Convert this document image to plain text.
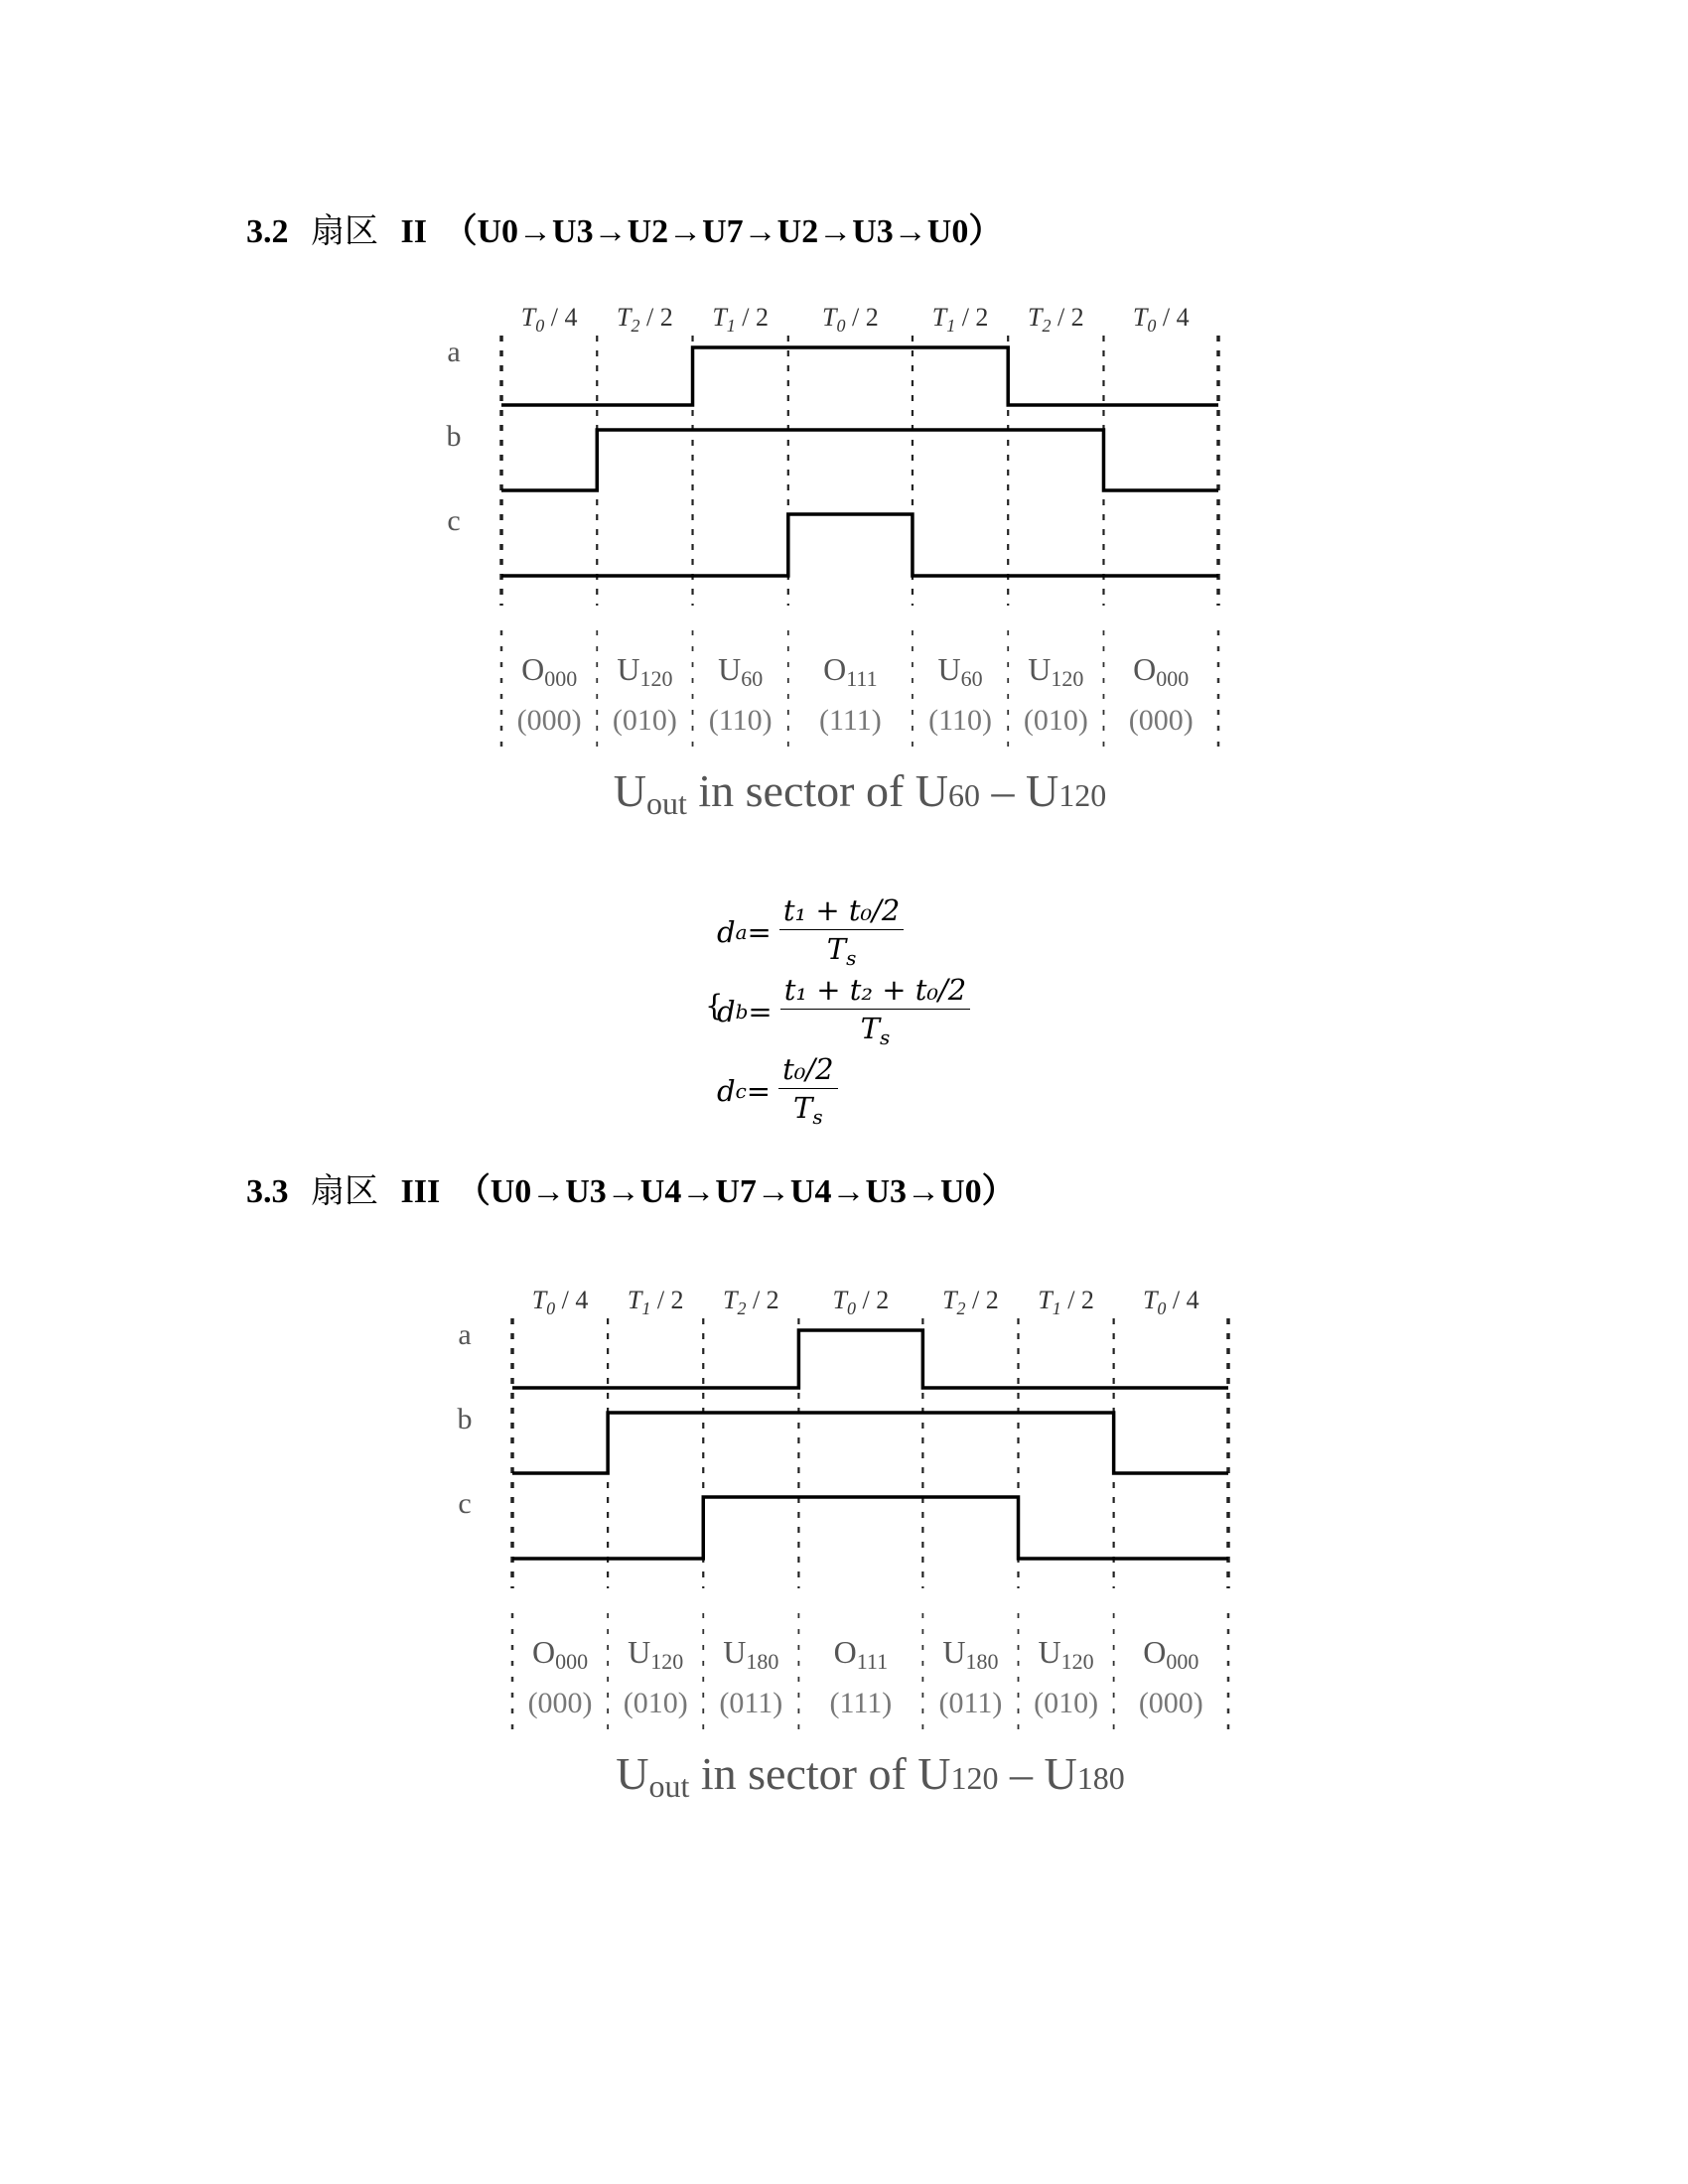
3.2 扇区 II （U0→U3→U2→U7→U2→U3→U0）
$T_0 / 4$ $T_2 / 2$ $T_1 / 2$ $T_0 / 2$ $T_1 / 2$ $T_2 / 2$ $T_0 / 4$
a
b
c
O000 U120 U60 O111 U60 U120 O000
(000) (010) (110) (111) (110) (010) (000)
Uout in sector of U60 – U120
{
d $a = \frac{\text{t₁ + t₀/2}}{T_s}$
d $b = \frac{\text{t₁ + t₂ + t₀/2}}{T_s}$
d $c = \frac{\text{t₀/2}}{T_s}$
3.3 扇区 III （U0→U3→U4→U7→U4→U3→U0）
$T_0 / 4$ $T_1 / 2$ $T_2 / 2$ $T_0 / 2$ $T_2 / 2$ $T_1 / 2$ $T_0 / 4$
a
b
c
O000 U120 U180 O111 U180 U120 O000
(000) (010) (011) (111) (011) (010) (000)
Uout in sector of U120 – U180
